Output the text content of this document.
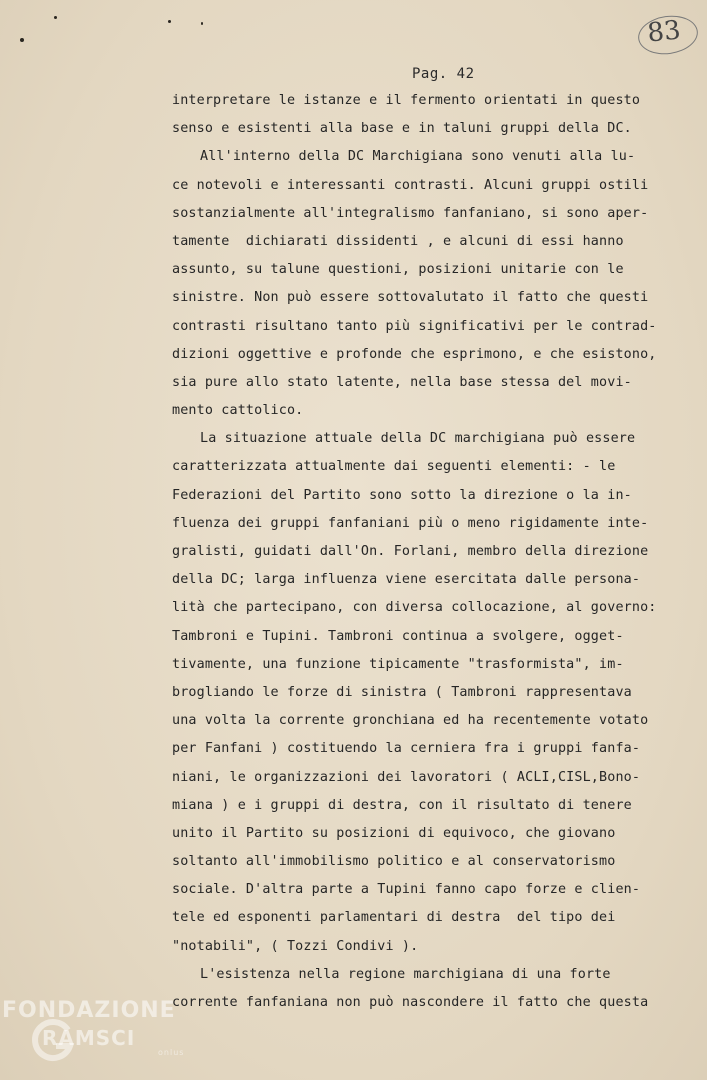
83
Pag. 42
interpretare le istanze e il fermento orientati in questo
senso e esistenti alla base e in taluni gruppi della DC.
All'interno della DC Marchigiana sono venuti alla lu-
ce notevoli e interessanti contrasti. Alcuni gruppi ostili
sostanzialmente all'integralismo fanfaniano, si sono aper-
tamente  dichiarati dissidenti , e alcuni di essi hanno
assunto, su talune questioni, posizioni unitarie con le
sinistre. Non può essere sottovalutato il fatto che questi
contrasti risultano tanto più significativi per le contrad-
dizioni oggettive e profonde che esprimono, e che esistono,
sia pure allo stato latente, nella base stessa del movi-
mento cattolico.
La situazione attuale della DC marchigiana può essere
caratterizzata attualmente dai seguenti elementi: - le
Federazioni del Partito sono sotto la direzione o la in-
fluenza dei gruppi fanfaniani più o meno rigidamente inte-
gralisti, guidati dall'On. Forlani, membro della direzione
della DC; larga influenza viene esercitata dalle persona-
lità che partecipano, con diversa collocazione, al governo:
Tambroni e Tupini. Tambroni continua a svolgere, ogget-
tivamente, una funzione tipicamente "trasformista", im-
brogliando le forze di sinistra ( Tambroni rappresentava
una volta la corrente gronchiana ed ha recentemente votato
per Fanfani ) costituendo la cerniera fra i gruppi fanfa-
niani, le organizzazioni dei lavoratori ( ACLI,CISL,Bono-
miana ) e i gruppi di destra, con il risultato di tenere
unito il Partito su posizioni di equivoco, che giovano
soltanto all'immobilismo politico e al conservatorismo
sociale. D'altra parte a Tupini fanno capo forze e clien-
tele ed esponenti parlamentari di destra  del tipo dei
"notabili", ( Tozzi Condivi ).
L'esistenza nella regione marchigiana di una forte
corrente fanfaniana non può nascondere il fatto che questa
FONDAZIONE
RAMSCI
onlus
